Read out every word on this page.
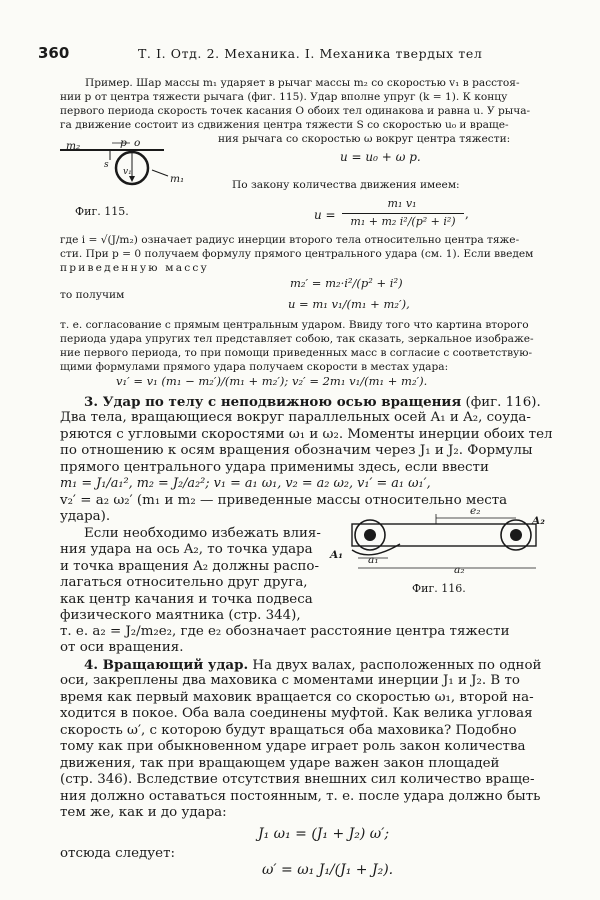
360	Т. I. Отд. 2. Механика. I. Механика твердых тел
Пример. Шар массы m₁ ударяет в рычаг массы m₂ со скоростью v₁ в расстоя-
нии p от центра тяжести рычага (фиг. 115). Удар вполне упруг (k = 1). К концу
первого периода скорость точек касания O обоих тел одинакова и равна u. У рыча-
га движение состоит из сдвижения центра тяжести S со скоростью u₀ и враще-
ния рычага со скоростью ω вокруг центра тяжести:
m₂	p o
s
v₁
m₁
Фиг. 115.
u = u₀ + ω p.
По закону количества движения имеем:
u =
m₁ v₁
m₁ + m₂ i²/(p² + i²)
,
где i = √(J/m₂) означает радиус инерции второго тела относительно центра тяже-
сти. При p = 0 получаем формулу прямого центрального удара (см. 1). Если введем
приведенную массу
m₂′ = m₂·i²/(p² + i²)
то получим
u = m₁ v₁/(m₁ + m₂′),
т. е. согласование с прямым центральным ударом. Ввиду того что картина второго
периода удара упругих тел представляет собою, так сказать, зеркальное изображе-
ние первого периода, то при помощи приведенных масс в согласие с соответствую-
щими формулами прямого удара получаем скорости в местах удара:
v₁′ = v₁ (m₁ − m₂′)/(m₁ + m₂′); v₂′ = 2m₁ v₁/(m₁ + m₂′).
3. Удар по телу с неподвижною осью вращения (фиг. 116).
Два тела, вращающиеся вокруг параллельных осей A₁ и A₂, соуда-
ряются с угловыми скоростями ω₁ и ω₂. Моменты инерции обоих тел
по отношению к осям вращения обозначим через J₁ и J₂. Формулы
прямого центрального удара применимы здесь, если ввести
m₁ = J₁/a₁², m₂ = J₂/a₂²; v₁ = a₁ ω₁, v₂ = a₂ ω₂, v₁′ = a₁ ω₁′,
v₂′ = a₂ ω₂′ (m₁ и m₂ — приведенные массы относительно места
удара).
Если необходимо избежать влия-
ния удара на ось A₂, то точка удара
и точка вращения A₂ должны распо-
лагаться относительно друг друга,
как центр качания и точка подвеса
физического маятника (стр. 344),
т. е. a₂ = J₂/m₂e₂, где e₂ обозначает расстояние центра тяжести
от оси вращения.
e₂
a₁
a₂
A₁
A₂
Фиг. 116.
4. Вращающий удар. На двух валах, расположенных по одной
оси, закреплены два маховика с моментами инерции J₁ и J₂. В то
время как первый маховик вращается со скоростью ω₁, второй на-
ходится в покое. Оба вала соединены муфтой. Как велика угловая
скорость ω′, с которою будут вращаться оба маховика? Подобно
тому как при обыкновенном ударе играет роль закон количества
движения, так при вращающем ударе важен закон площадей
(стр. 346). Вследствие отсутствия внешних сил количество враще-
ния должно оставаться постоянным, т. е. после удара должно быть
тем же, как и до удара:
J₁ ω₁ = (J₁ + J₂) ω′;
отсюда следует:
ω′ = ω₁ J₁/(J₁ + J₂).
